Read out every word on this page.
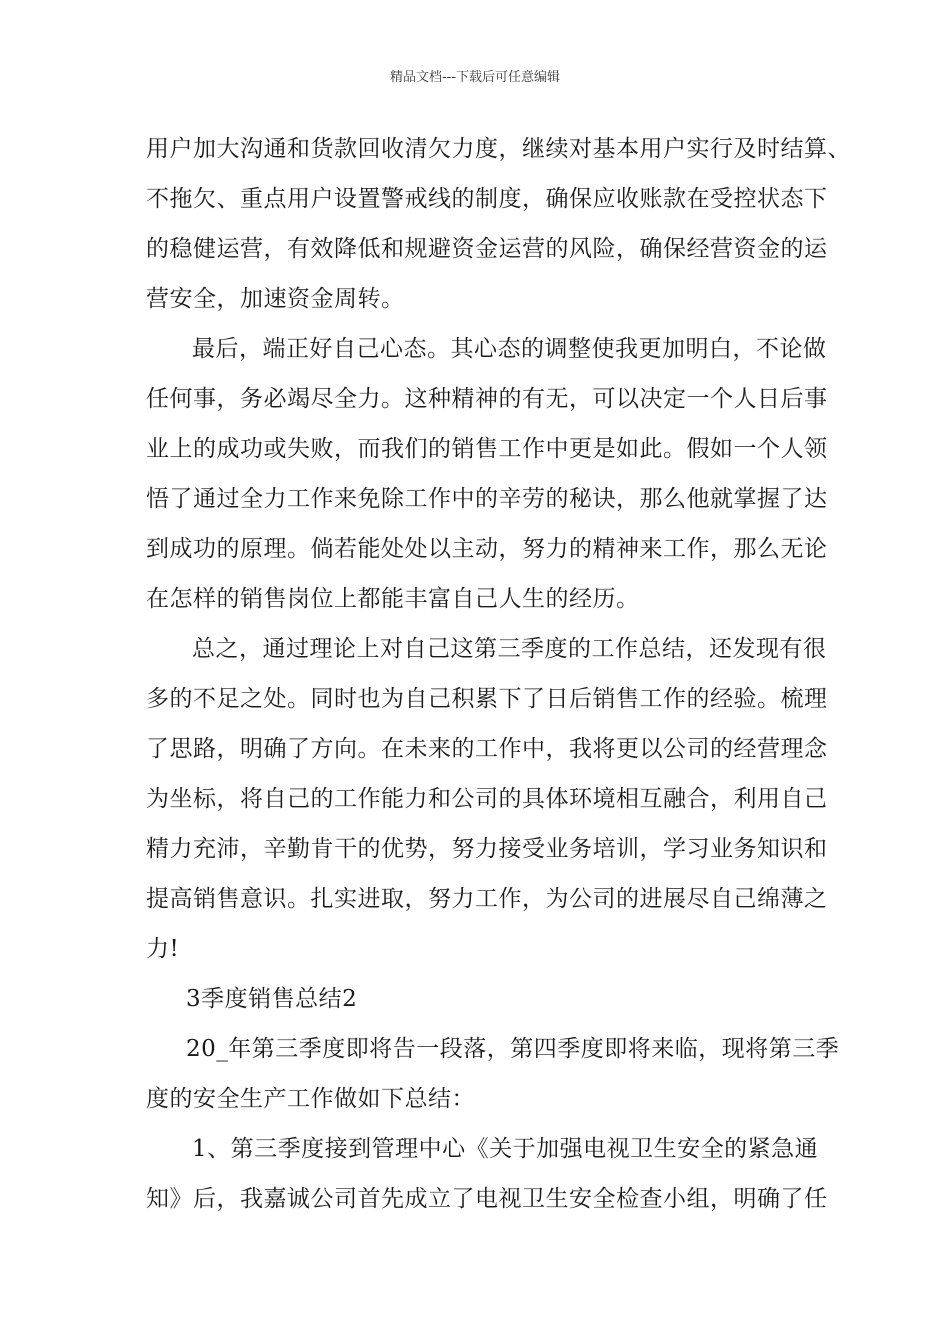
精品文档---下载后可任意编辑
用户加大沟通和货款回收清欠力度，继续对基本用户实行及时结算、
不拖欠、重点用户设置警戒线的制度，确保应收账款在受控状态下
的稳健运营，有效降低和规避资金运营的风险，确保经营资金的运
营安全，加速资金周转。
最后，端正好自己心态。其心态的调整使我更加明白，不论做
任何事，务必竭尽全力。这种精神的有无，可以决定一个人日后事
业上的成功或失败，而我们的销售工作中更是如此。假如一个人领
悟了通过全力工作来免除工作中的辛劳的秘诀，那么他就掌握了达
到成功的原理。倘若能处处以主动，努力的精神来工作，那么无论
在怎样的销售岗位上都能丰富自己人生的经历。
总之，通过理论上对自己这第三季度的工作总结，还发现有很
多的不足之处。同时也为自己积累下了日后销售工作的经验。梳理
了思路，明确了方向。在未来的工作中，我将更以公司的经营理念
为坐标，将自己的工作能力和公司的具体环境相互融合，利用自己
精力充沛，辛勤肯干的优势，努力接受业务培训，学习业务知识和
提高销售意识。扎实进取，努力工作，为公司的进展尽自己绵薄之
力!
3季度销售总结2
20_年第三季度即将告一段落，第四季度即将来临，现将第三季
度的安全生产工作做如下总结：
1、第三季度接到管理中心《关于加强电视卫生安全的紧急通
知》后，我嘉诚公司首先成立了电视卫生安全检查小组，明确了任
